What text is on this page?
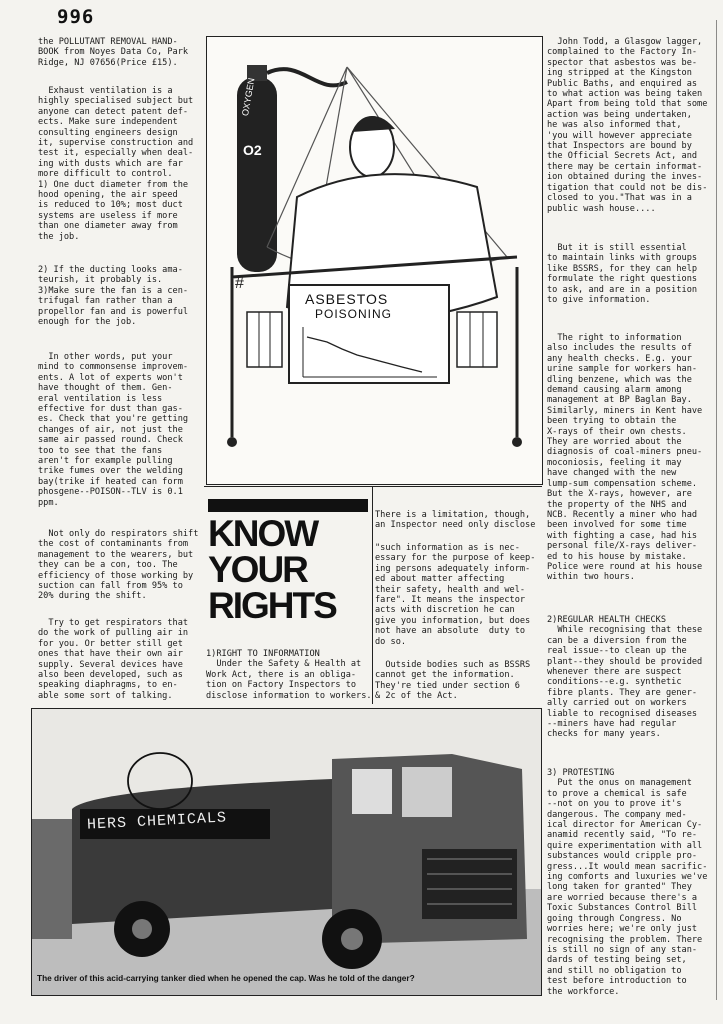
996
the POLLUTANT REMOVAL HAND-
BOOK from Noyes Data Co, Park
Ridge, NJ 07656(Price £15).
Exhaust ventilation is a
highly specialised subject but
anyone can detect patent def-
ects. Make sure independent
consulting engineers design
it, supervise construction and
test it, especially when deal-
ing with dusts which are far
more difficult to control.
1) One duct diameter from the
hood opening, the air speed
is reduced to 10%; most duct
systems are useless if more
than one diameter away from
the job.
2) If the ducting looks ama-
teurish, it probably is.
3)Make sure the fan is a cen-
trifugal fan rather than a
propellor fan and is powerful
enough for the job.
In other words, put your
mind to commonsense improvem-
ents. A lot of experts won't
have thought of them. Gen-
eral ventilation is less
effective for dust than gas-
es. Check that you're getting
changes of air, not just the
same air passed round. Check
too to see that the fans
aren't for example pulling
trike fumes over the welding
bay(trike if heated can form
phosgene--POISON--TLV is 0.1
ppm.
Not only do respirators shift
the cost of contaminants from
management to the wearers, but
they can be a con, too. The
efficiency of those working by
suction can fall from 95% to
20% during the shift.
Try to get respirators that
do the work of pulling air in
for you. Or better still get
ones that have their own air
supply. Several devices have
also been developed, such as
speaking diaphragms, to en-
able some sort of talking.
OXYGEN
O2
#
ASBESTOS
POISONING
KNOW
YOUR
RIGHTS
1)RIGHT TO INFORMATION
Under the Safety & Health at
Work Act, there is an obliga-
tion on Factory Inspectors to
disclose information to workers.
There is a limitation, though,
an Inspector need only disclose
"such information as is nec-
essary for the purpose of keep-
ing persons adequately inform-
ed about matter affecting
their safety, health and wel-
fare". It means the inspector
acts with discretion he can
give you information, but does
not have an absolute  duty to
do so.
Outside bodies such as BSSRS
cannot get the information.
They're tied under section 6
& 2c of the Act.
John Todd, a Glasgow lagger,
complained to the Factory In-
spector that asbestos was be-
ing stripped at the Kingston
Public Baths, and enquired as
to what action was being taken
Apart from being told that some
action was being undertaken,
he was also informed that,
'you will however appreciate
that Inspectors are bound by
the Official Secrets Act, and
there may be certain informat-
ion obtained during the inves-
tigation that could not be dis-
closed to you."That was in a
public wash house....
But it is still essential
to maintain links with groups
like BSSRS, for they can help
formulate the right questions
to ask, and are in a position
to give information.
The right to information
also includes the results of
any health checks. E.g. your
urine sample for workers han-
dling benzene, which was the
demand causing alarm among
management at BP Baglan Bay.
Similarly, miners in Kent have
been trying to obtain the
X-rays of their own chests.
They are worried about the
diagnosis of coal-miners pneu-
moconiosis, feeling it may
have changed with the new
lump-sum compensation scheme.
But the X-rays, however, are
the property of the NHS and
NCB. Recently a miner who had
been involved for some time
with fighting a case, had his
personal file/X-rays deliver-
ed to his house by mistake.
Police were round at his house
within two hours.
2)REGULAR HEALTH CHECKS
While recognising that these
can be a diversion from the
real issue--to clean up the
plant--they should be provided
whenever there are suspect
conditions--e.g. synthetic
fibre plants. They are gener-
ally carried out on workers
liable to recognised diseases
--miners have had regular
checks for many years.
3) PROTESTING
Put the onus on management
to prove a chemical is safe
--not on you to prove it's
dangerous. The company med-
ical director for American Cy-
anamid recently said, "To re-
quire experimentation with all
substances would cripple pro-
gress...It would mean sacrific-
ing comforts and luxuries we've
long taken for granted" They
are worried because there's a
Toxic Substances Control Bill
going through Congress. No
worries here; we're only just
recognising the problem. There
is still no sign of any stan-
dards of testing being set,
and still no obligation to
test before introduction to
the workforce.
HERS CHEMICALS
The driver of this acid-carrying tanker died when he opened the cap. Was he told of the danger?
